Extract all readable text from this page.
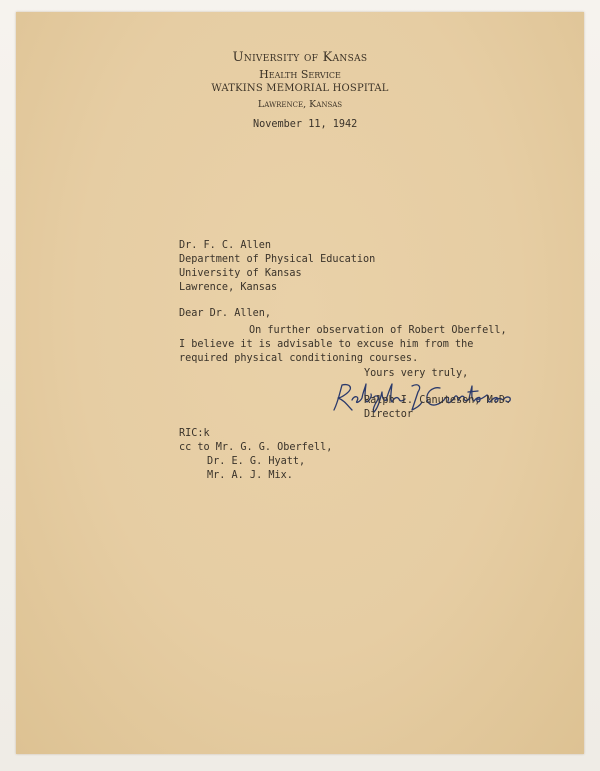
University of Kansas
Health Service
WATKINS MEMORIAL HOSPITAL
Lawrence, Kansas
November 11, 1942
Dr. F. C. Allen
Department of Physical Education
University of Kansas
Lawrence, Kansas
Dear Dr. Allen,
On further observation of Robert Oberfell,
I believe it is advisable to excuse him from the
required physical conditioning courses.
Yours very truly,
Ralph I. Canuteson, M.D.
Director
RIC:k
cc to Mr. G. G. Oberfell,
Dr. E. G. Hyatt,
Mr. A. J. Mix.
